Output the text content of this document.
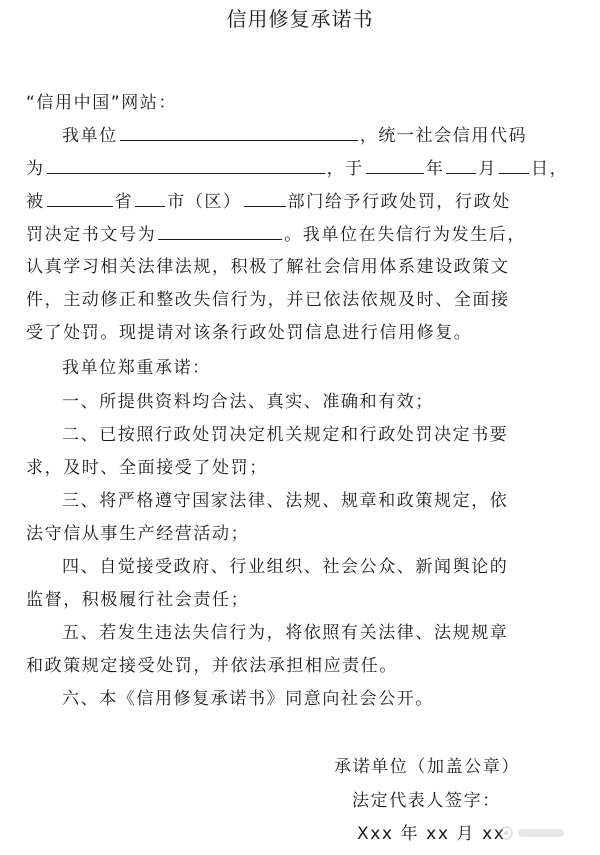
信用修复承诺书
“信用中国”网站：
我单位	，统一社会信用代码
为	，于	年 月 日，
被	省 市（区）	部门给予行政处罚，行政处
罚决定书文号为	。我单位在失信行为发生后，
认真学习相关法律法规，积极了解社会信用体系建设政策文
件，主动修正和整改失信行为，并已依法依规及时、全面接
受了处罚。现提请对该条行政处罚信息进行信用修复。
我单位郑重承诺：
一、所提供资料均合法、真实、准确和有效；
二、已按照行政处罚决定机关规定和行政处罚决定书要
求，及时、全面接受了处罚；
三、将严格遵守国家法律、法规、规章和政策规定，依
法守信从事生产经营活动；
四、自觉接受政府、行业组织、社会公众、新闻舆论的
监督，积极履行社会责任；
五、若发生违法失信行为，将依照有关法律、法规规章
和政策规定接受处罚，并依法承担相应责任。
六、本《信用修复承诺书》同意向社会公开。
承诺单位（加盖公章）
法定代表人签字：
Xxx 年 xx 月 xx
